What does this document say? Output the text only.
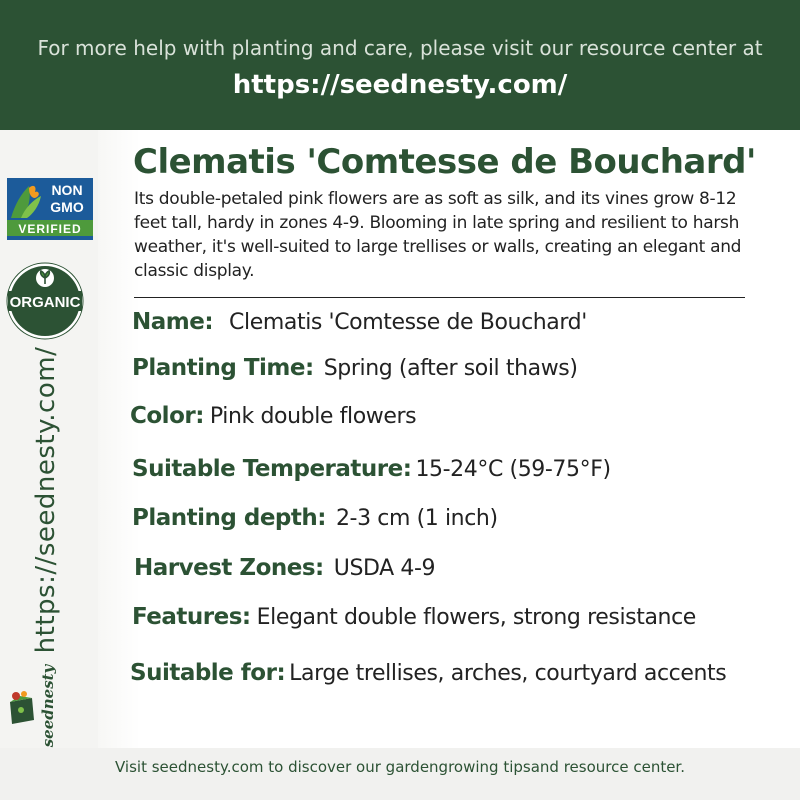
For more help with planting and care, please visit our resource center at
https://seednesty.com/
NON
GMO
VERIFIED
ORGANIC
https://seednesty.com/
seednesty
Clematis 'Comtesse de Bouchard'
Its double-petaled pink flowers are as soft as silk, and its vines grow 8-12 feet tall, hardy in zones 4-9. Blooming in late spring and resilient to harsh weather, it's well-suited to large trellises or walls, creating an elegant and classic display.
Name: Clematis 'Comtesse de Bouchard'
Planting Time: Spring (after soil thaws)
Color: Pink double flowers
Suitable Temperature: 15-24°C (59-75°F)
Planting depth: 2-3 cm (1 inch)
Harvest Zones: USDA 4-9
Features: Elegant double flowers, strong resistance
Suitable for: Large trellises, arches, courtyard accents
Visit seednesty.com to discover our gardengrowing tipsand resource center.
